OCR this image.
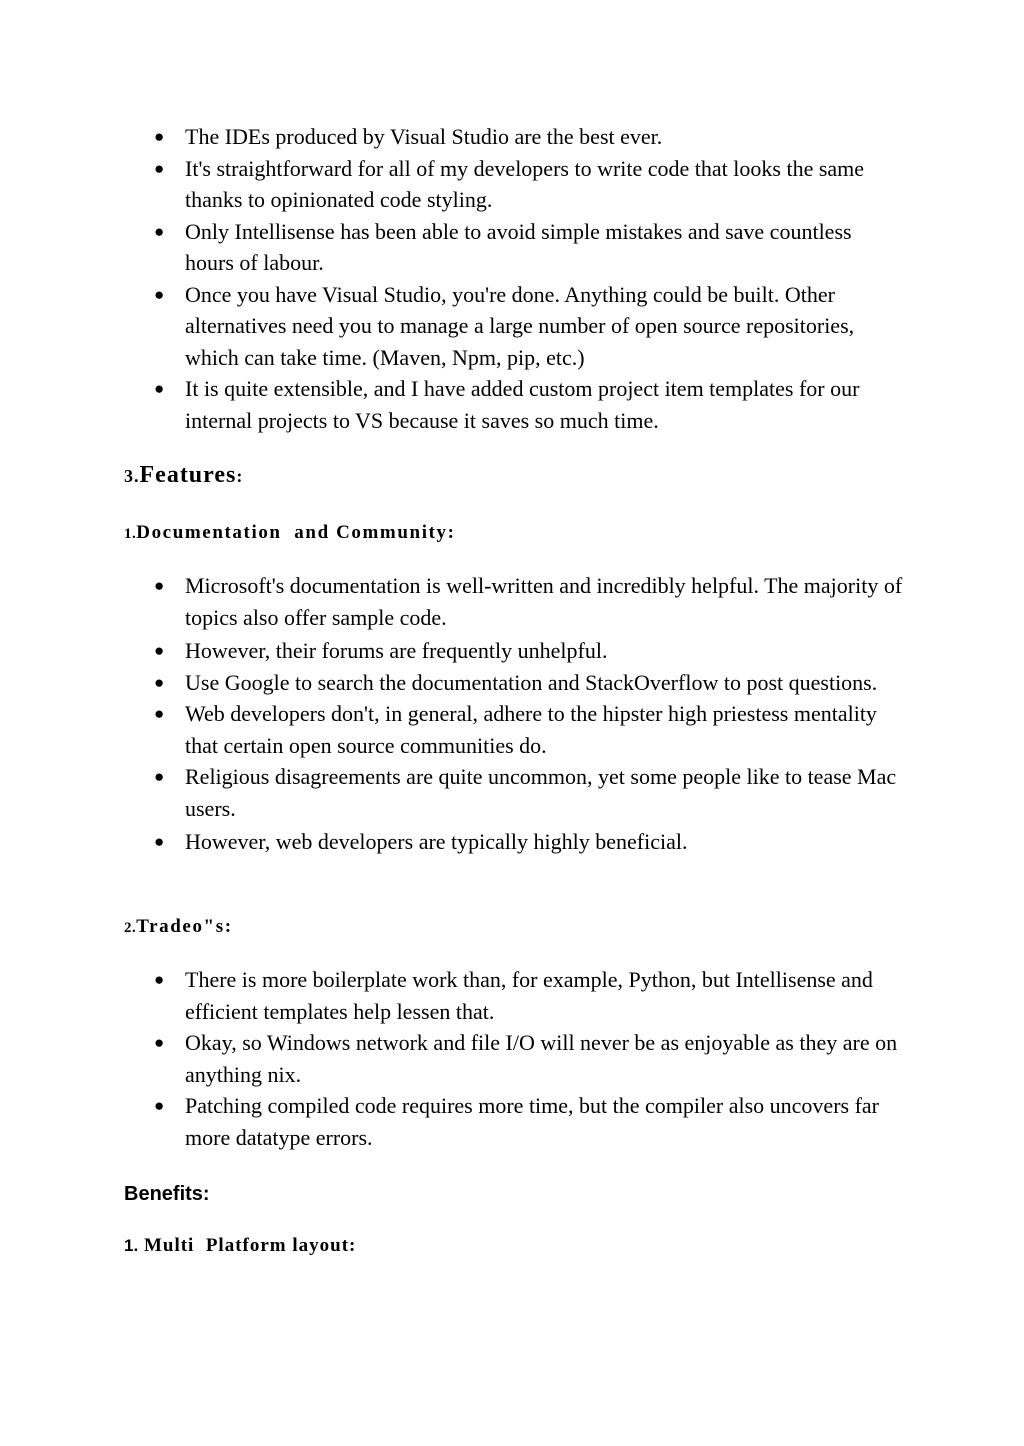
● The IDEs produced by Visual Studio are the best ever.
● It's straightforward for all of my developers to write code that looks the same thanks to opinionated code styling.
● Only Intellisense has been able to avoid simple mistakes and save countless hours of labour.
● Once you have Visual Studio, you're done. Anything could be built. Other alternatives need you to manage a large number of open source repositories, which can take time. (Maven, Npm, pip, etc.)
● It is quite extensible, and I have added custom project item templates for our internal projects to VS because it saves so much time.
3.Features:
1.Documentation  and Community:
● Microsoft's documentation is well-written and incredibly helpful. The majority of topics also offer sample code.
● However, their forums are frequently unhelpful.
● Use Google to search the documentation and StackOverflow to post questions.
● Web developers don't, in general, adhere to the hipster high priestess mentality that certain open source communities do.
● Religious disagreements are quite uncommon, yet some people like to tease Mac users.
● However, web developers are typically highly beneficial.
2.Tradeo"s:
● There is more boilerplate work than, for example, Python, but Intellisense and efficient templates help lessen that.
● Okay, so Windows network and file I/O will never be as enjoyable as they are on anything nix.
● Patching compiled code requires more time, but the compiler also uncovers far more datatype errors.
Benefits:
1. Multi  Platform layout:
